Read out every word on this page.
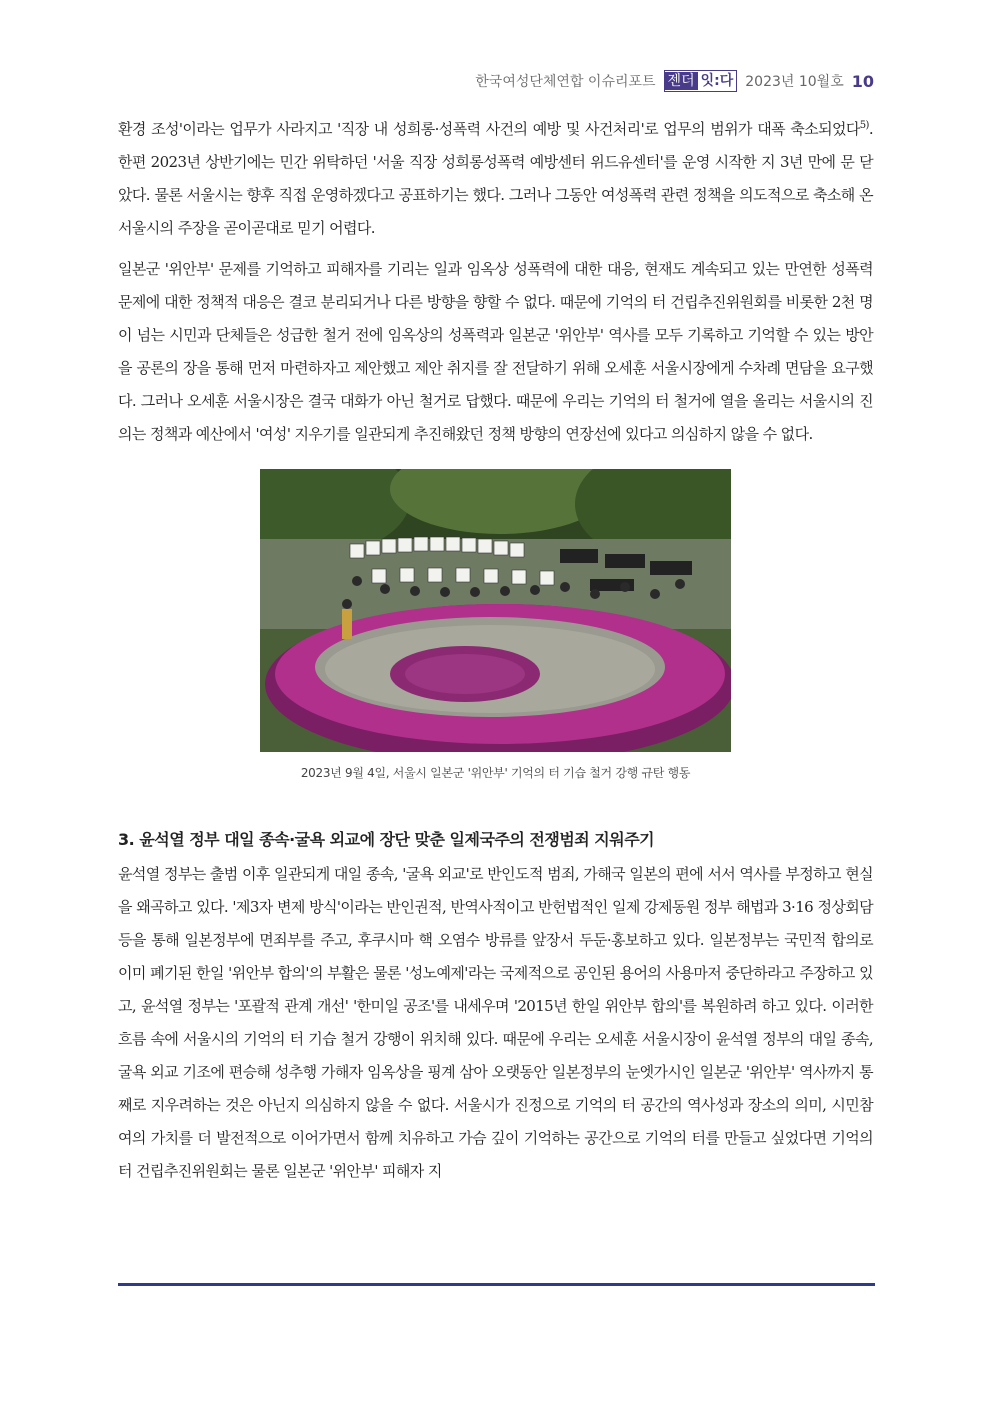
한국여성단체연합 이슈리포트 젠더 잇:다 2023년 10월호 10

환경 조성'이라는 업무가 사라지고 '직장 내 성희롱·성폭력 사건의 예방 및 사건처리'로 업무의 범위가 대폭 축소되었다$^{5)}$. 한편 2023년 상반기에는 민간 위탁하던 '서울 직장 성희롱성폭력 예방센터 위드유센터'를 운영 시작한 지 3년 만에 문 닫았다. 물론 서울시는 향후 직접 운영하겠다고 공표하기는 했다. 그러나 그동안 여성폭력 관련 정책을 의도적으로 축소해 온 서울시의 주장을 곧이곧대로 믿기 어렵다.

일본군 '위안부' 문제를 기억하고 피해자를 기리는 일과 임옥상 성폭력에 대한 대응, 현재도 계속되고 있는 만연한 성폭력 문제에 대한 정책적 대응은 결코 분리되거나 다른 방향을 향할 수 없다. 때문에 기억의 터 건립추진위원회를 비롯한 2천 명이 넘는 시민과 단체들은 성급한 철거 전에 임옥상의 성폭력과 일본군 '위안부' 역사를 모두 기록하고 기억할 수 있는 방안을 공론의 장을 통해 먼저 마련하자고 제안했고 제안 취지를 잘 전달하기 위해 오세훈 서울시장에게 수차례 면담을 요구했다. 그러나 오세훈 서울시장은 결국 대화가 아닌 철거로 답했다. 때문에 우리는 기억의 터 철거에 열을 올리는 서울시의 진의는 정책과 예산에서 '여성' 지우기를 일관되게 추진해왔던 정책 방향의 연장선에 있다고 의심하지 않을 수 없다.

2023년 9월 4일, 서울시 일본군 '위안부' 기억의 터 기습 철거 강행 규탄 행동
3. 윤석열 정부 대일 종속·굴욕 외교에 장단 맞춘 일제국주의 전쟁범죄 지워주기

윤석열 정부는 출범 이후 일관되게 대일 종속, '굴욕 외교'로 반인도적 범죄, 가해국 일본의 편에 서서 역사를 부정하고 현실을 왜곡하고 있다. '제3자 변제 방식'이라는 반인권적, 반역사적이고 반헌법적인 일제 강제동원 정부 해법과 3·16 정상회담 등을 통해 일본정부에 면죄부를 주고, 후쿠시마 핵 오염수 방류를 앞장서 두둔·홍보하고 있다. 일본정부는 국민적 합의로 이미 폐기된 한일 '위안부 합의'의 부활은 물론 '성노예제'라는 국제적으로 공인된 용어의 사용마저 중단하라고 주장하고 있고, 윤석열 정부는 '포괄적 관계 개선' '한미일 공조'를 내세우며 '2015년 한일 위안부 합의'를 복원하려 하고 있다. 이러한 흐름 속에 서울시의 기억의 터 기습 철거 강행이 위치해 있다. 때문에 우리는 오세훈 서울시장이 윤석열 정부의 대일 종속, 굴욕 외교 기조에 편승해 성추행 가해자 임옥상을 핑계 삼아 오랫동안 일본정부의 눈엣가시인 일본군 '위안부' 역사까지 통째로 지우려하는 것은 아닌지 의심하지 않을 수 없다. 서울시가 진정으로 기억의 터 공간의 역사성과 장소의 의미, 시민참여의 가치를 더 발전적으로 이어가면서 함께 치유하고 가슴 깊이 기억하는 공간으로 기억의 터를 만들고 싶었다면 기억의 터 건립추진위원회는 물론 일본군 '위안부' 피해자 지
